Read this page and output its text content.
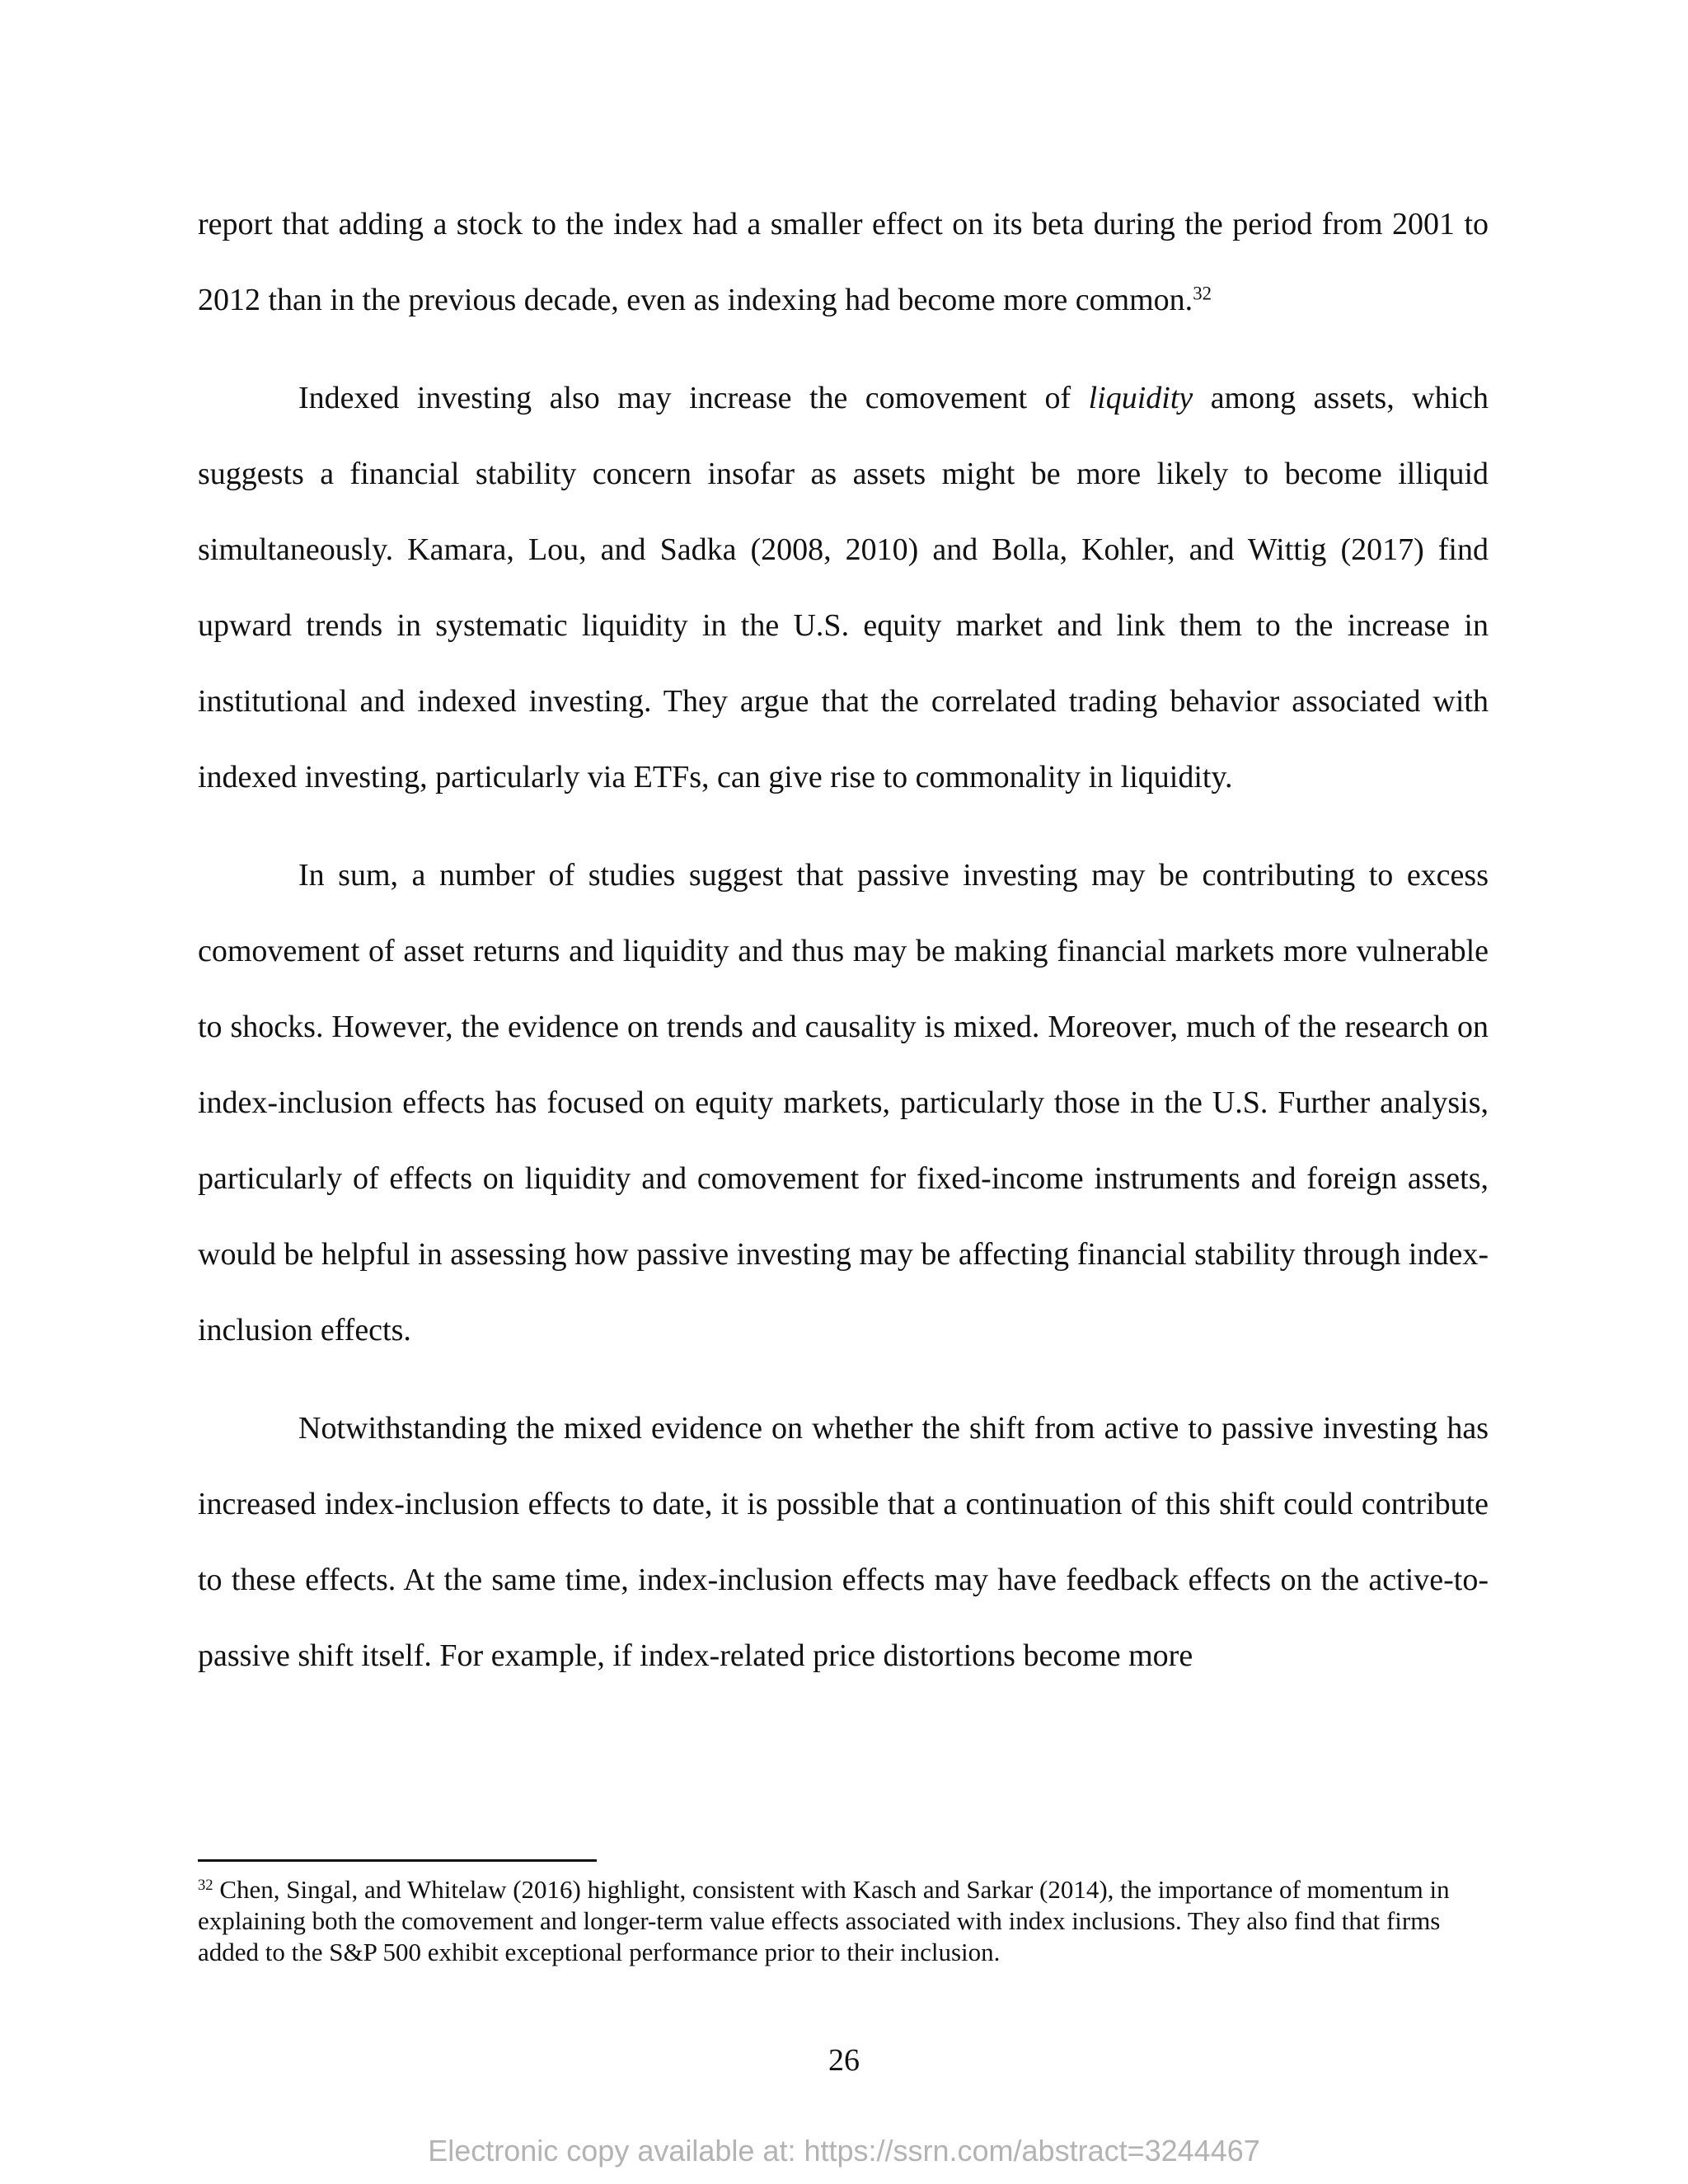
report that adding a stock to the index had a smaller effect on its beta during the period from 2001 to 2012 than in the previous decade, even as indexing had become more common.$^{32}$

Indexed investing also may increase the comovement of liquidity among assets, which suggests a financial stability concern insofar as assets might be more likely to become illiquid simultaneously. Kamara, Lou, and Sadka (2008, 2010) and Bolla, Kohler, and Wittig (2017) find upward trends in systematic liquidity in the U.S. equity market and link them to the increase in institutional and indexed investing. They argue that the correlated trading behavior associated with indexed investing, particularly via ETFs, can give rise to commonality in liquidity.

In sum, a number of studies suggest that passive investing may be contributing to excess comovement of asset returns and liquidity and thus may be making financial markets more vulnerable to shocks. However, the evidence on trends and causality is mixed. Moreover, much of the research on index-inclusion effects has focused on equity markets, particularly those in the U.S. Further analysis, particularly of effects on liquidity and comovement for fixed-income instruments and foreign assets, would be helpful in assessing how passive investing may be affecting financial stability through index-inclusion effects.

Notwithstanding the mixed evidence on whether the shift from active to passive investing has increased index-inclusion effects to date, it is possible that a continuation of this shift could contribute to these effects. At the same time, index-inclusion effects may have feedback effects on the active-to-passive shift itself. For example, if index-related price distortions become more

$^{32}$ Chen, Singal, and Whitelaw (2016) highlight, consistent with Kasch and Sarkar (2014), the importance of momentum in explaining both the comovement and longer-term value effects associated with index inclusions. They also find that firms added to the S&P 500 exhibit exceptional performance prior to their inclusion.

26
Electronic copy available at: https://ssrn.com/abstract=3244467
